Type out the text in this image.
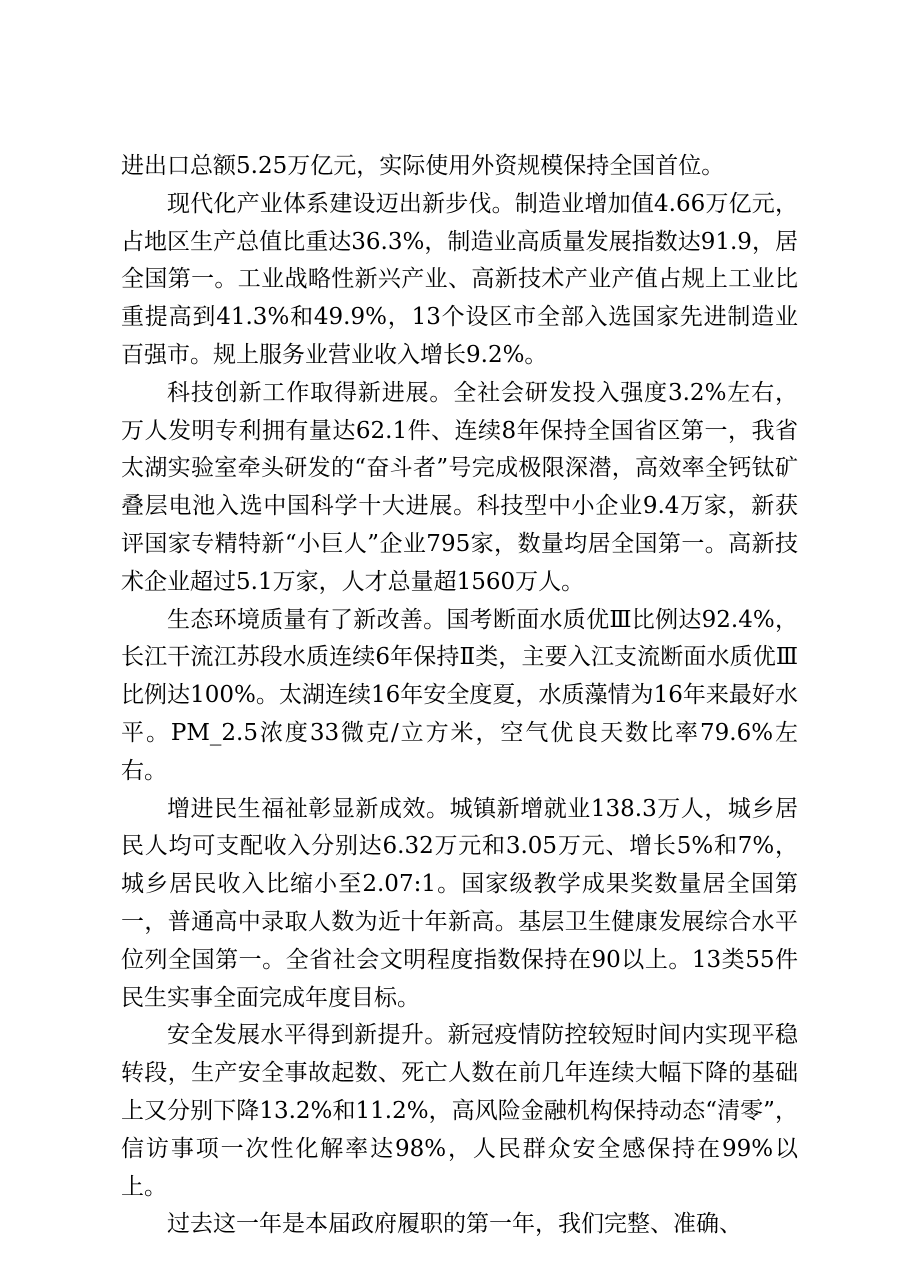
进出口总额5.25万亿元，实际使用外资规模保持全国首位。

现代化产业体系建设迈出新步伐。制造业增加值4.66万亿元，占地区生产总值比重达36.3%，制造业高质量发展指数达91.9，居全国第一。工业战略性新兴产业、高新技术产业产值占规上工业比重提高到41.3%和49.9%，13个设区市全部入选国家先进制造业百强市。规上服务业营业收入增长9.2%。

科技创新工作取得新进展。全社会研发投入强度3.2%左右，万人发明专利拥有量达62.1件、连续8年保持全国省区第一，我省太湖实验室牵头研发的“奋斗者”号完成极限深潜，高效率全钙钛矿叠层电池入选中国科学十大进展。科技型中小企业9.4万家，新获评国家专精特新“小巨人”企业795家，数量均居全国第一。高新技术企业超过5.1万家，人才总量超1560万人。

生态环境质量有了新改善。国考断面水质优Ⅲ比例达92.4%，长江干流江苏段水质连续6年保持Ⅱ类，主要入江支流断面水质优Ⅲ比例达100%。太湖连续16年安全度夏，水质藻情为16年来最好水平。PM_2.5浓度33微克/立方米，空气优良天数比率79.6%左右。

增进民生福祉彰显新成效。城镇新增就业138.3万人，城乡居民人均可支配收入分别达6.32万元和3.05万元、增长5%和7%，城乡居民收入比缩小至2.07:1。国家级教学成果奖数量居全国第一，普通高中录取人数为近十年新高。基层卫生健康发展综合水平位列全国第一。全省社会文明程度指数保持在90以上。13类55件民生实事全面完成年度目标。

安全发展水平得到新提升。新冠疫情防控较短时间内实现平稳转段，生产安全事故起数、死亡人数在前几年连续大幅下降的基础上又分别下降13.2%和11.2%，高风险金融机构保持动态“清零”，信访事项一次性化解率达98%，人民群众安全感保持在99%以上。

过去这一年是本届政府履职的第一年，我们完整、准确、
